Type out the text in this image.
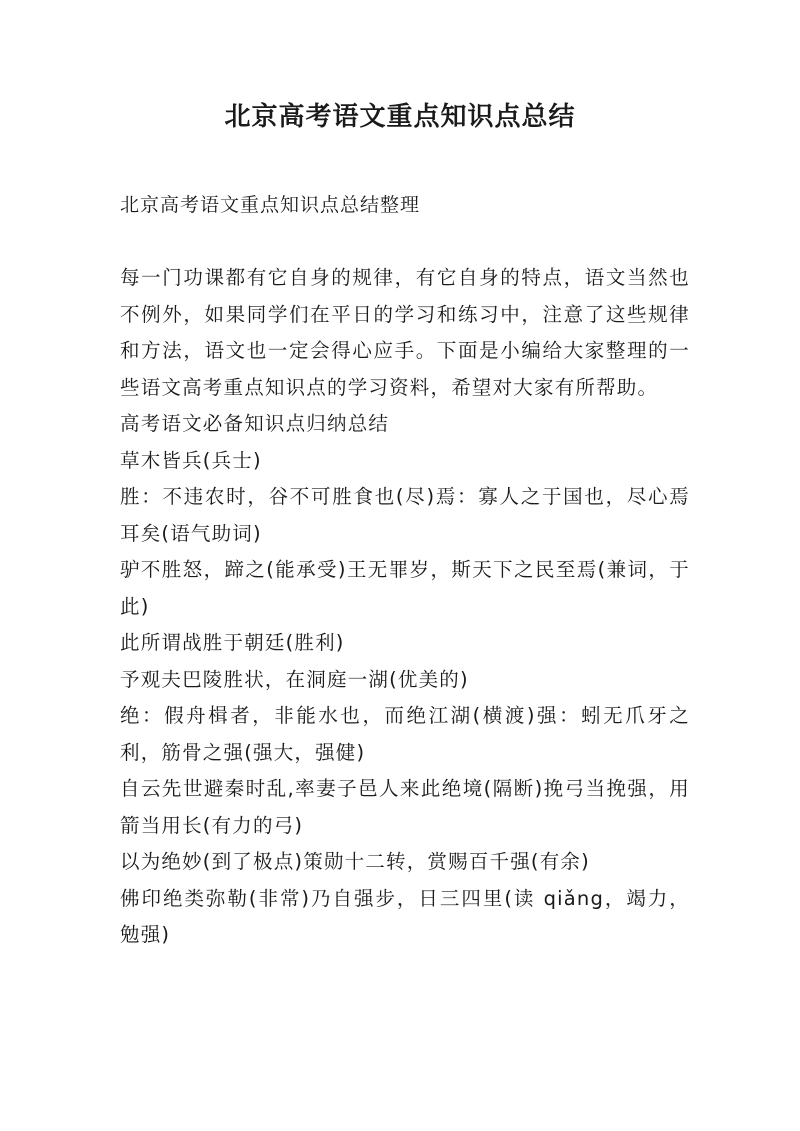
北京高考语文重点知识点总结

北京高考语文重点知识点总结整理

每一门功课都有它自身的规律，有它自身的特点，语文当然也不例外，如果同学们在平日的学习和练习中，注意了这些规律和方法，语文也一定会得心应手。下面是小编给大家整理的一些语文高考重点知识点的学习资料，希望对大家有所帮助。

高考语文必备知识点归纳总结

草木皆兵(兵士)

胜：不违农时，谷不可胜食也(尽)焉：寡人之于国也，尽心焉耳矣(语气助词)

驴不胜怒，蹄之(能承受)王无罪岁，斯天下之民至焉(兼词，于此)

此所谓战胜于朝廷(胜利)

予观夫巴陵胜状，在洞庭一湖(优美的)

绝：假舟楫者，非能水也，而绝江湖(横渡)强：蚓无爪牙之利，筋骨之强(强大，强健)

自云先世避秦时乱,率妻子邑人来此绝境(隔断)挽弓当挽强，用箭当用长(有力的弓)

以为绝妙(到了极点)策勋十二转，赏赐百千强(有余)

佛印绝类弥勒(非常)乃自强步，日三四里(读 qiǎng，竭力，勉强)
